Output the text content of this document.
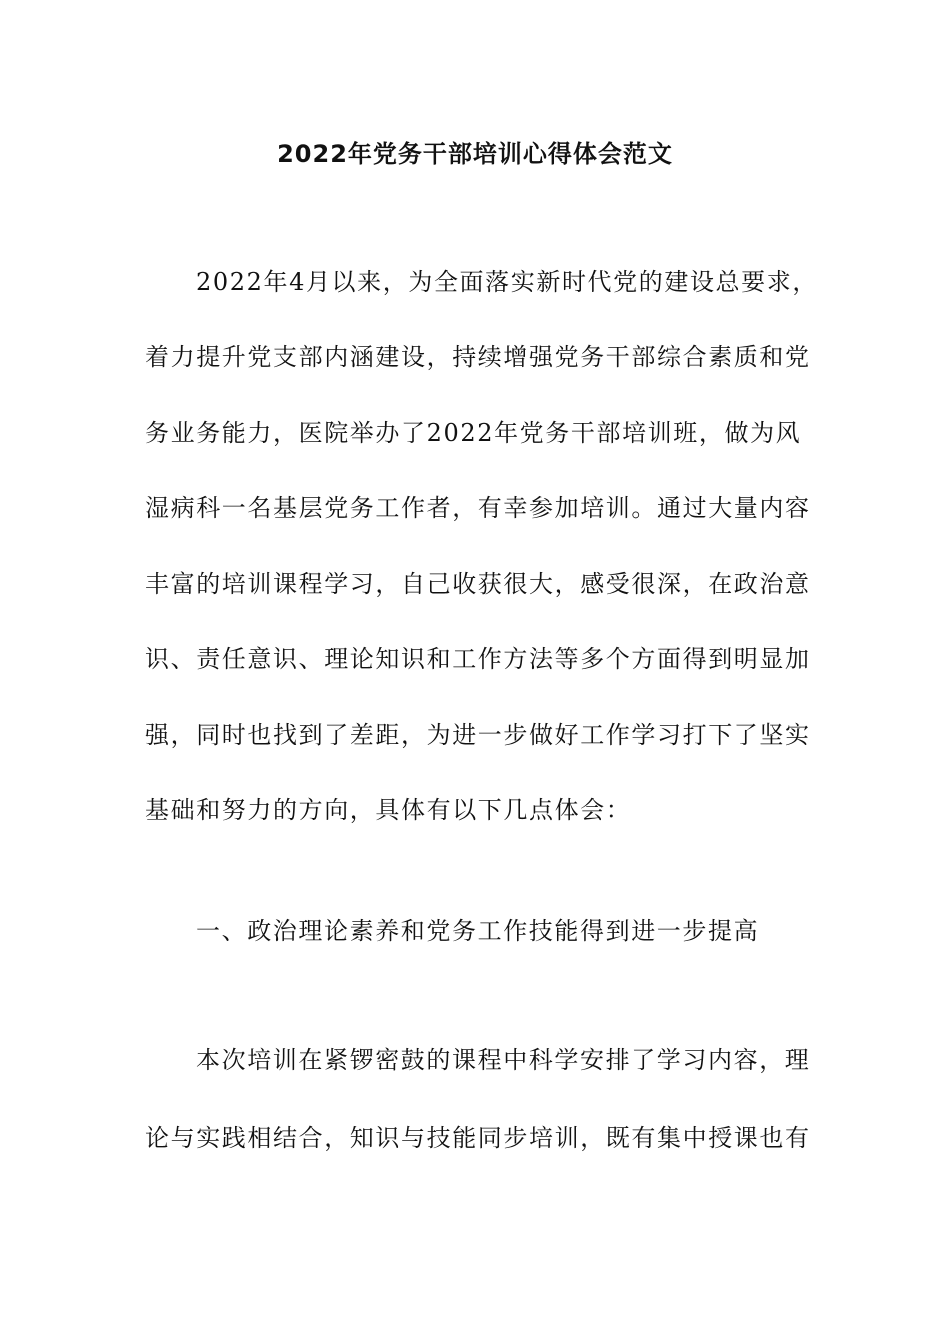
2022年党务干部培训心得体会范文
2022年4月以来，为全面落实新时代党的建设总要求，
着力提升党支部内涵建设，持续增强党务干部综合素质和党
务业务能力，医院举办了2022年党务干部培训班，做为风
湿病科一名基层党务工作者，有幸参加培训。通过大量内容
丰富的培训课程学习，自己收获很大，感受很深，在政治意
识、责任意识、理论知识和工作方法等多个方面得到明显加
强，同时也找到了差距，为进一步做好工作学习打下了坚实
基础和努力的方向，具体有以下几点体会：
一、政治理论素养和党务工作技能得到进一步提高
本次培训在紧锣密鼓的课程中科学安排了学习内容，理
论与实践相结合，知识与技能同步培训，既有集中授课也有
